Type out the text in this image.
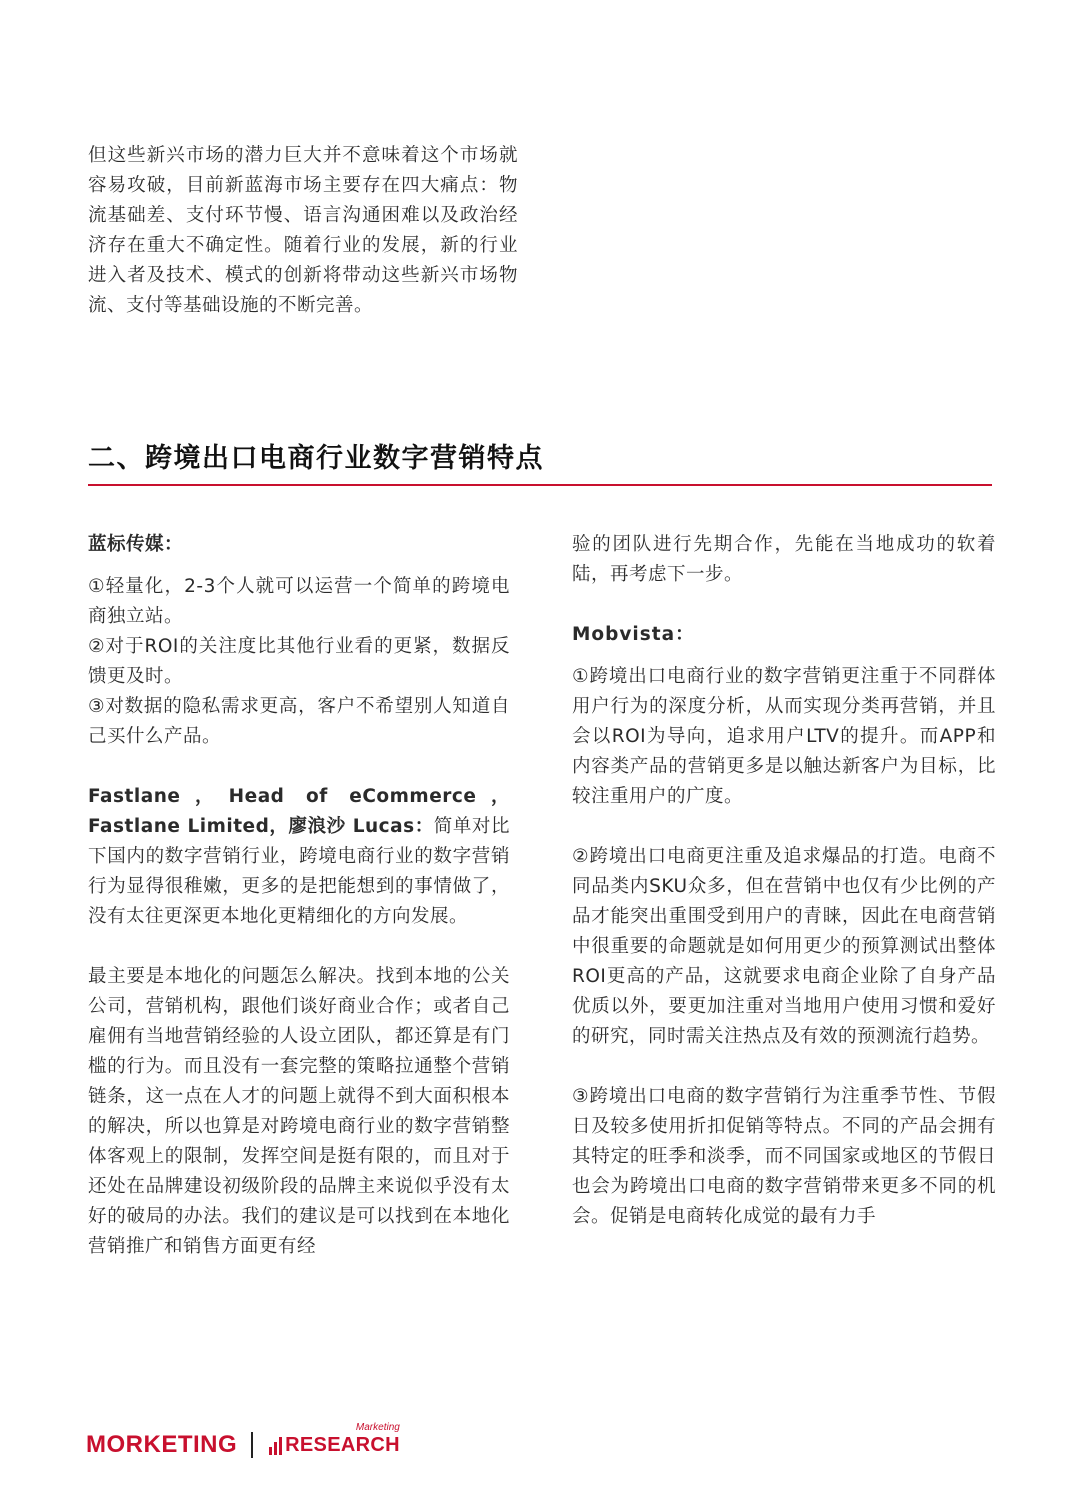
但这些新兴市场的潜力巨大并不意味着这个市场就容易攻破，目前新蓝海市场主要存在四大痛点：物流基础差、支付环节慢、语言沟通困难以及政治经济存在重大不确定性。随着行业的发展，新的行业进入者及技术、模式的创新将带动这些新兴市场物流、支付等基础设施的不断完善。

二、跨境出口电商行业数字营销特点

蓝标传媒：

①轻量化，2-3个人就可以运营一个简单的跨境电商独立站。

②对于ROI的关注度比其他行业看的更紧，数据反馈更及时。

③对数据的隐私需求更高，客户不希望别人知道自己买什么产品。

Fastlane，Head of eCommerce，Fastlane Limited，廖浪沙 Lucas：简单对比下国内的数字营销行业，跨境电商行业的数字营销行为显得很稚嫩，更多的是把能想到的事情做了，没有太往更深更本地化更精细化的方向发展。

最主要是本地化的问题怎么解决。找到本地的公关公司，营销机构，跟他们谈好商业合作；或者自己雇佣有当地营销经验的人设立团队，都还算是有门槛的行为。而且没有一套完整的策略拉通整个营销链条，这一点在人才的问题上就得不到大面积根本的解决，所以也算是对跨境电商行业的数字营销整体客观上的限制，发挥空间是挺有限的，而且对于还处在品牌建设初级阶段的品牌主来说似乎没有太好的破局的办法。我们的建议是可以找到在本地化营销推广和销售方面更有经

验的团队进行先期合作，先能在当地成功的软着陆，再考虑下一步。

Mobvista：

①跨境出口电商行业的数字营销更注重于不同群体用户行为的深度分析，从而实现分类再营销，并且会以ROI为导向，追求用户LTV的提升。而APP和内容类产品的营销更多是以触达新客户为目标，比较注重用户的广度。

②跨境出口电商更注重及追求爆品的打造。电商不同品类内SKU众多，但在营销中也仅有少比例的产品才能突出重围受到用户的青睐，因此在电商营销中很重要的命题就是如何用更少的预算测试出整体ROI更高的产品，这就要求电商企业除了自身产品优质以外，要更加注重对当地用户使用习惯和爱好的研究，同时需关注热点及有效的预测流行趋势。

③跨境出口电商的数字营销行为注重季节性、节假日及较多使用折扣促销等特点。不同的产品会拥有其特定的旺季和淡季，而不同国家或地区的节假日也会为跨境出口电商的数字营销带来更多不同的机会。促销是电商转化成觉的最有力手

MORKETING RESEARCH
Marketing
